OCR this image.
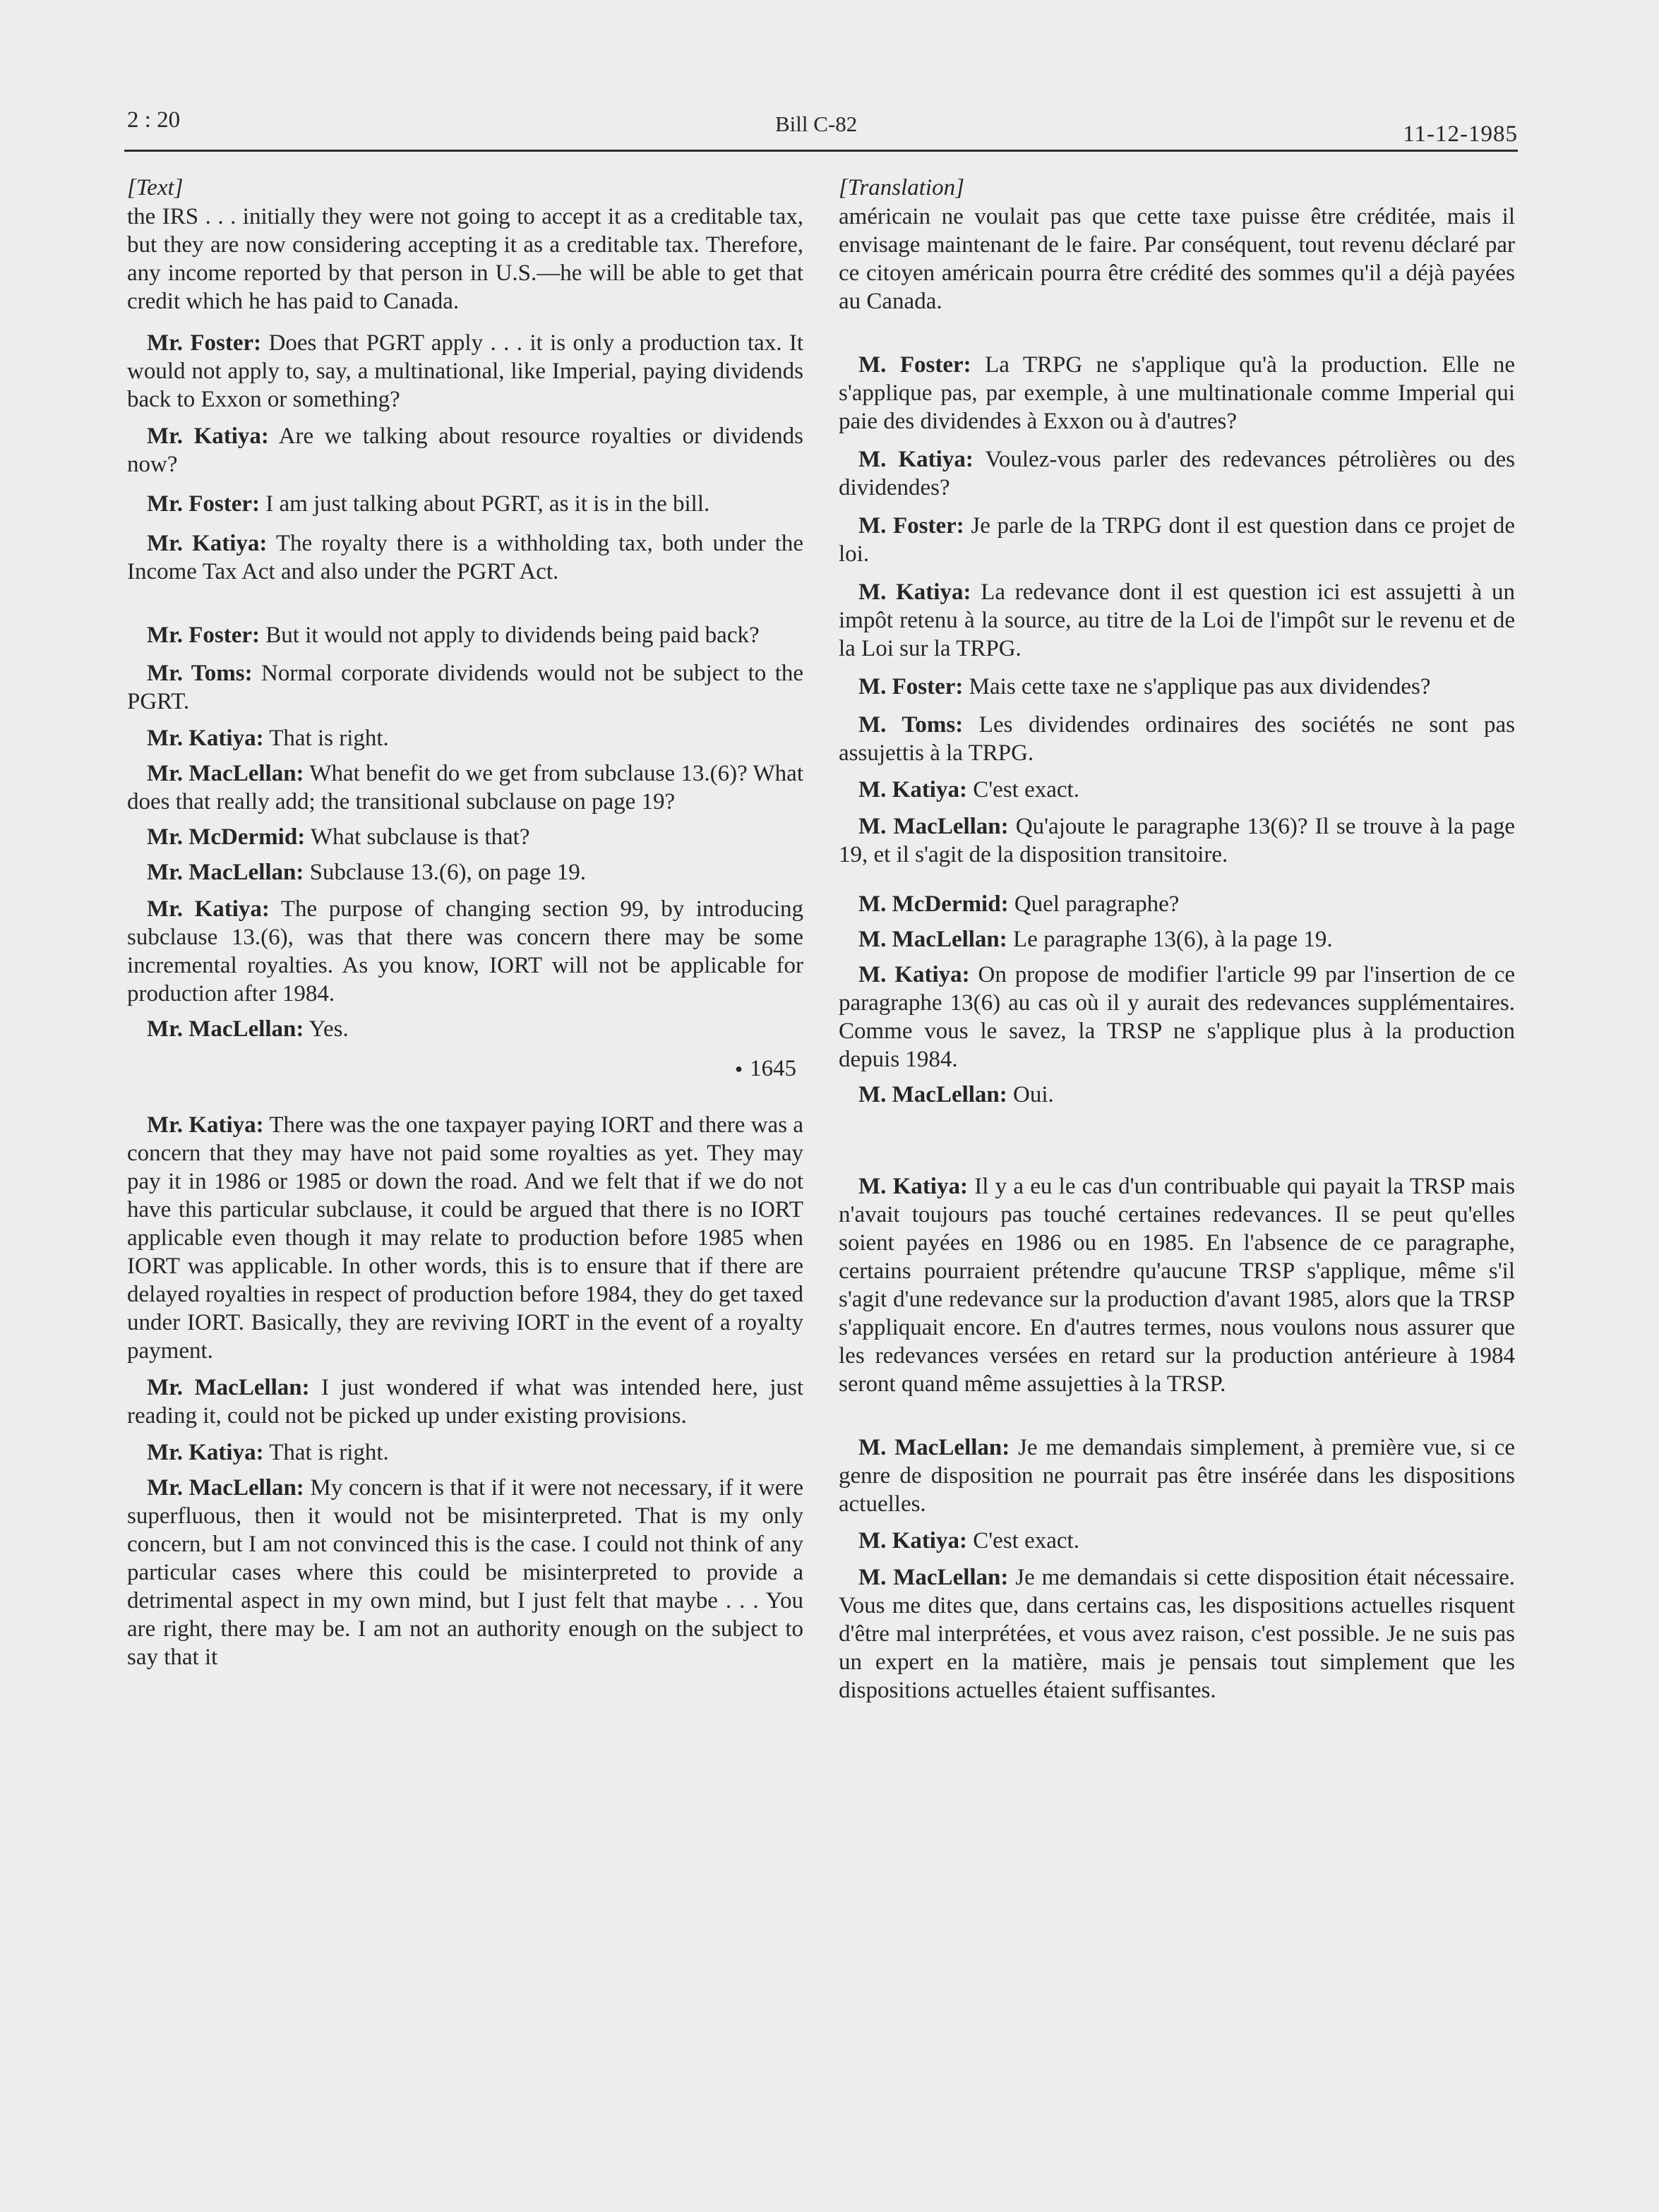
2 : 20	Bill C-82	11-12-1985
[Text]

the IRS . . . initially they were not going to accept it as a creditable tax, but they are now considering accepting it as a creditable tax. Therefore, any income reported by that person in U.S.—he will be able to get that credit which he has paid to Canada.

Mr. Foster: Does that PGRT apply . . . it is only a production tax. It would not apply to, say, a multinational, like Imperial, paying dividends back to Exxon or something?

Mr. Katiya: Are we talking about resource royalties or dividends now?

Mr. Foster: I am just talking about PGRT, as it is in the bill.

Mr. Katiya: The royalty there is a withholding tax, both under the Income Tax Act and also under the PGRT Act.

Mr. Foster: But it would not apply to dividends being paid back?

Mr. Toms: Normal corporate dividends would not be subject to the PGRT.

Mr. Katiya: That is right.

Mr. MacLellan: What benefit do we get from subclause 13.(6)? What does that really add; the transitional subclause on page 19?

Mr. McDermid: What subclause is that?

Mr. MacLellan: Subclause 13.(6), on page 19.

Mr. Katiya: The purpose of changing section 99, by introducing subclause 13.(6), was that there was concern there may be some incremental royalties. As you know, IORT will not be applicable for production after 1984.

Mr. MacLellan: Yes.

● 1645

Mr. Katiya: There was the one taxpayer paying IORT and there was a concern that they may have not paid some royalties as yet. They may pay it in 1986 or 1985 or down the road. And we felt that if we do not have this particular subclause, it could be argued that there is no IORT applicable even though it may relate to production before 1985 when IORT was applicable. In other words, this is to ensure that if there are delayed royalties in respect of production before 1984, they do get taxed under IORT. Basically, they are reviving IORT in the event of a royalty payment.

Mr. MacLellan: I just wondered if what was intended here, just reading it, could not be picked up under existing provisions.

Mr. Katiya: That is right.

Mr. MacLellan: My concern is that if it were not necessary, if it were superfluous, then it would not be misinterpreted. That is my only concern, but I am not convinced this is the case. I could not think of any particular cases where this could be misinterpreted to provide a detrimental aspect in my own mind, but I just felt that maybe . . . You are right, there may be. I am not an authority enough on the subject to say that it

[Translation]

américain ne voulait pas que cette taxe puisse être créditée, mais il envisage maintenant de le faire. Par conséquent, tout revenu déclaré par ce citoyen américain pourra être crédité des sommes qu'il a déjà payées au Canada.

M. Foster: La TRPG ne s'applique qu'à la production. Elle ne s'applique pas, par exemple, à une multinationale comme Imperial qui paie des dividendes à Exxon ou à d'autres?

M. Katiya: Voulez-vous parler des redevances pétrolières ou des dividendes?

M. Foster: Je parle de la TRPG dont il est question dans ce projet de loi.

M. Katiya: La redevance dont il est question ici est assujetti à un impôt retenu à la source, au titre de la Loi de l'impôt sur le revenu et de la Loi sur la TRPG.

M. Foster: Mais cette taxe ne s'applique pas aux dividendes?

M. Toms: Les dividendes ordinaires des sociétés ne sont pas assujettis à la TRPG.

M. Katiya: C'est exact.

M. MacLellan: Qu'ajoute le paragraphe 13(6)? Il se trouve à la page 19, et il s'agit de la disposition transitoire.

M. McDermid: Quel paragraphe?

M. MacLellan: Le paragraphe 13(6), à la page 19.

M. Katiya: On propose de modifier l'article 99 par l'insertion de ce paragraphe 13(6) au cas où il y aurait des redevances supplémentaires. Comme vous le savez, la TRSP ne s'applique plus à la production depuis 1984.

M. MacLellan: Oui.

M. Katiya: Il y a eu le cas d'un contribuable qui payait la TRSP mais n'avait toujours pas touché certaines redevances. Il se peut qu'elles soient payées en 1986 ou en 1985. En l'absence de ce paragraphe, certains pourraient prétendre qu'aucune TRSP s'applique, même s'il s'agit d'une redevance sur la production d'avant 1985, alors que la TRSP s'appliquait encore. En d'autres termes, nous voulons nous assurer que les redevances versées en retard sur la production antérieure à 1984 seront quand même assujetties à la TRSP.

M. MacLellan: Je me demandais simplement, à première vue, si ce genre de disposition ne pourrait pas être insérée dans les dispositions actuelles.

M. Katiya: C'est exact.

M. MacLellan: Je me demandais si cette disposition était nécessaire. Vous me dites que, dans certains cas, les dispositions actuelles risquent d'être mal interprétées, et vous avez raison, c'est possible. Je ne suis pas un expert en la matière, mais je pensais tout simplement que les dispositions actuelles étaient suffisantes.
